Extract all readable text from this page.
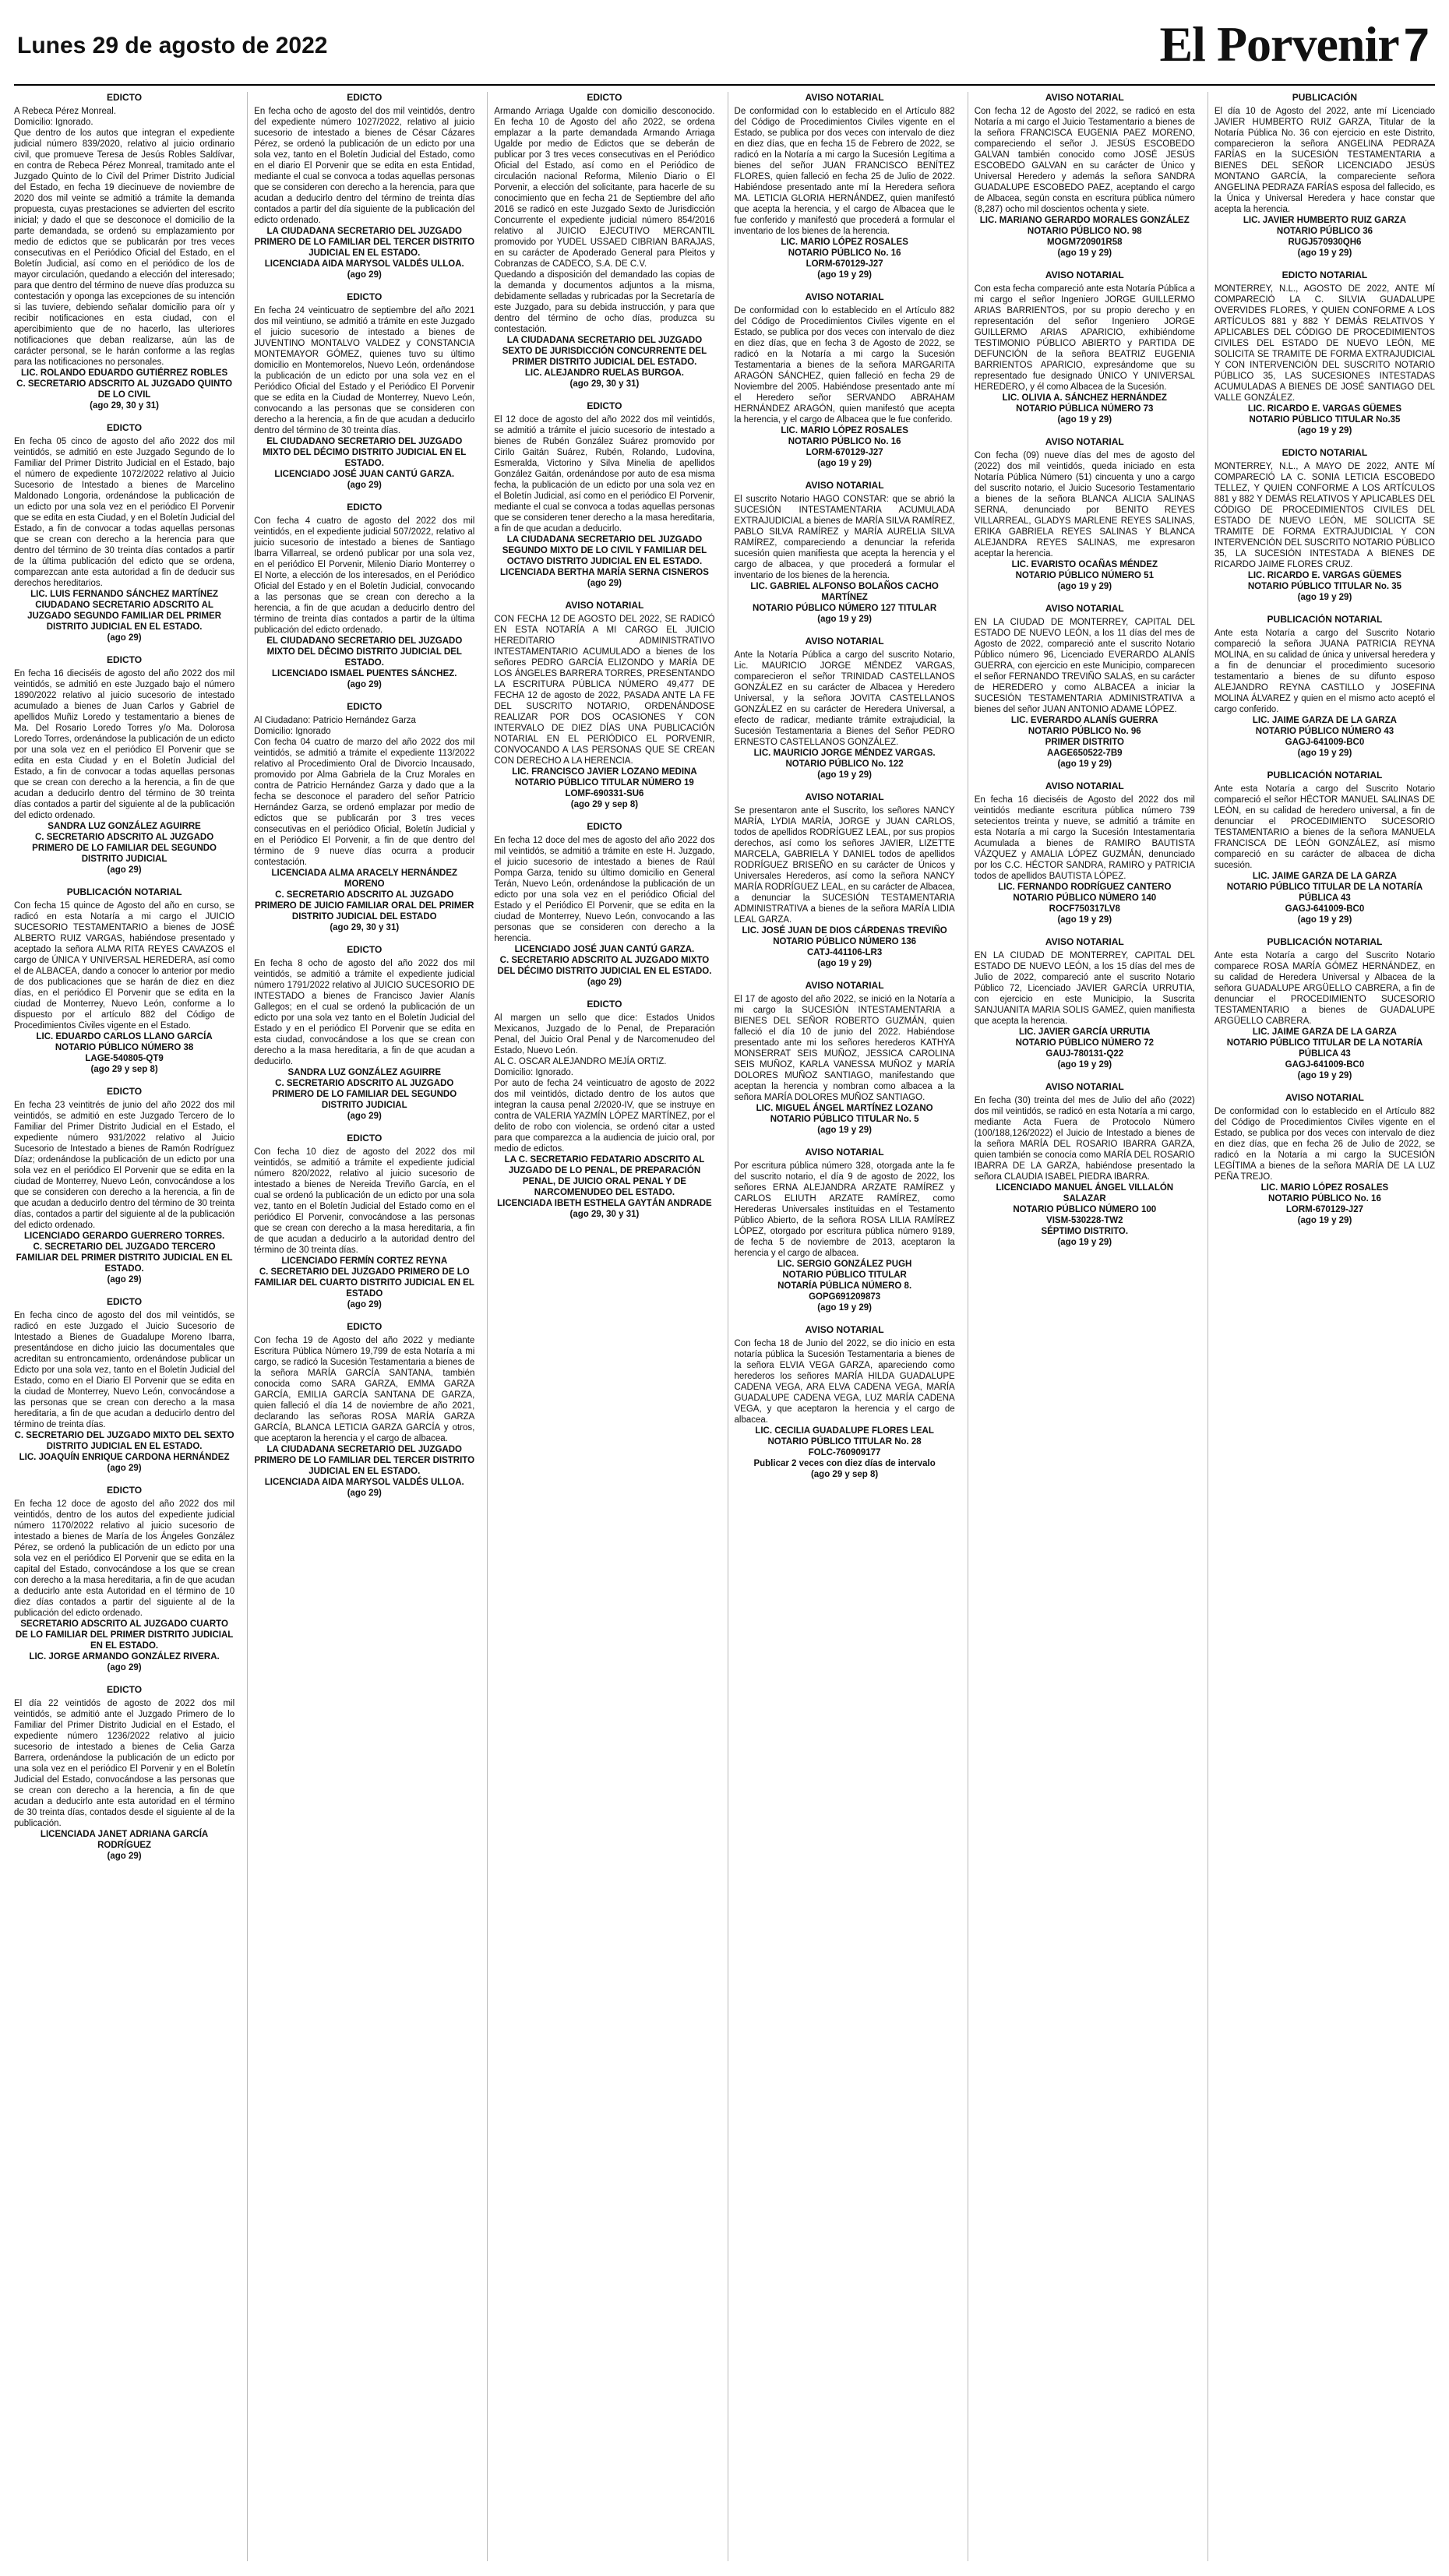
Lunes 29 de agosto de 2022	El Porvenir 7
EDICTO

A Rebeca Pérez Monreal.

Domicilio: Ignorado.

Que dentro de los autos que integran el expediente judicial número 839/2020, relativo al juicio ordinario civil, que promueve Teresa de Jesús Robles Saldívar, en contra de Rebeca Pérez Monreal, tramitado ante el Juzgado Quinto de lo Civil del Primer Distrito Judicial del Estado, en fecha 19 diecinueve de noviembre de 2020 dos mil veinte se admitió a trámite la demanda propuesta, cuyas prestaciones se advierten del escrito inicial; y dado el que se desconoce el domicilio de la parte demandada, se ordenó su emplazamiento por medio de edictos que se publicarán por tres veces consecutivas en el Periódico Oficial del Estado, en el Boletín Judicial, así como en el periódico de los de mayor circulación, quedando a elección del interesado; para que dentro del término de nueve días produzca su contestación y oponga las excepciones de su intención si las tuviere, debiendo señalar domicilio para oír y recibir notificaciones en esta ciudad, con el apercibimiento que de no hacerlo, las ulteriores notificaciones que deban realizarse, aún las de carácter personal, se le harán conforme a las reglas para las notificaciones no personales.

LIC. ROLANDO EDUARDO GUTIÉRREZ ROBLES

C. SECRETARIO ADSCRITO AL JUZGADO QUINTO DE LO CIVIL

(ago 29, 30 y 31)

EDICTO

En fecha 05 cinco de agosto del año 2022 dos mil veintidós, se admitió en este Juzgado Segundo de lo Familiar del Primer Distrito Judicial en el Estado, bajo el número de expediente 1072/2022 relativo al Juicio Sucesorio de Intestado a bienes de Marcelino Maldonado Longoria, ordenándose la publicación de un edicto por una sola vez en el periódico El Porvenir que se edita en esta Ciudad, y en el Boletín Judicial del Estado, a fin de convocar a todas aquellas personas que se crean con derecho a la herencia para que dentro del término de 30 treinta días contados a partir de la última publicación del edicto que se ordena, comparezcan ante esta autoridad a fin de deducir sus derechos hereditarios.

LIC. LUIS FERNANDO SÁNCHEZ MARTÍNEZ

CIUDADANO SECRETARIO ADSCRITO AL JUZGADO SEGUNDO FAMILIAR DEL PRIMER DISTRITO JUDICIAL EN EL ESTADO.

(ago 29)

EDICTO

En fecha 16 dieciséis de agosto del año 2022 dos mil veintidós, se admitió en este Juzgado bajo el número 1890/2022 relativo al juicio sucesorio de intestado acumulado a bienes de Juan Carlos y Gabriel de apellidos Muñiz Loredo y testamentario a bienes de Ma. Del Rosario Loredo Torres y/o Ma. Dolorosa Loredo Torres, ordenándose la publicación de un edicto por una sola vez en el periódico El Porvenir que se edita en esta Ciudad y en el Boletín Judicial del Estado, a fin de convocar a todas aquellas personas que se crean con derecho a la herencia, a fin de que acudan a deducirlo dentro del término de 30 treinta días contados a partir del siguiente al de la publicación del edicto ordenado.

SANDRA LUZ GONZÁLEZ AGUIRRE

C. SECRETARIO ADSCRITO AL JUZGADO PRIMERO DE LO FAMILIAR DEL SEGUNDO DISTRITO JUDICIAL

(ago 29)

PUBLICACIÓN NOTARIAL

Con fecha 15 quince de Agosto del año en curso, se radicó en esta Notaría a mi cargo el JUICIO SUCESORIO TESTAMENTARIO a bienes de JOSÉ ALBERTO RUIZ VARGAS, habiéndose presentado y aceptado la señora ALMA RITA REYES CAVAZOS el cargo de ÚNICA Y UNIVERSAL HEREDERA, así como el de ALBACEA, dando a conocer lo anterior por medio de dos publicaciones que se harán de diez en diez días, en el periódico El Porvenir que se edita en la ciudad de Monterrey, Nuevo León, conforme a lo dispuesto por el artículo 882 del Código de Procedimientos Civiles vigente en el Estado.

LIC. EDUARDO CARLOS LLANO GARCÍA

NOTARIO PÚBLICO NÚMERO 38

LAGE-540805-QT9

(ago 29 y sep 8)

EDICTO

En fecha 23 veintitrés de junio del año 2022 dos mil veintidós, se admitió en este Juzgado Tercero de lo Familiar del Primer Distrito Judicial en el Estado, el expediente número 931/2022 relativo al Juicio Sucesorio de Intestado a bienes de Ramón Rodríguez Díaz; ordenándose la publicación de un edicto por una sola vez en el periódico El Porvenir que se edita en la ciudad de Monterrey, Nuevo León, convocándose a los que se consideren con derecho a la herencia, a fin de que acudan a deducirlo dentro del término de 30 treinta días, contados a partir del siguiente al de la publicación del edicto ordenado.

LICENCIADO GERARDO GUERRERO TORRES.

C. SECRETARIO DEL JUZGADO TERCERO FAMILIAR DEL PRIMER DISTRITO JUDICIAL EN EL ESTADO.

(ago 29)

EDICTO

En fecha cinco de agosto del dos mil veintidós, se radicó en este Juzgado el Juicio Sucesorio de Intestado a Bienes de Guadalupe Moreno Ibarra, presentándose en dicho juicio las documentales que acreditan su entroncamiento, ordenándose publicar un Edicto por una sola vez, tanto en el Boletín Judicial del Estado, como en el Diario El Porvenir que se edita en la ciudad de Monterrey, Nuevo León, convocándose a las personas que se crean con derecho a la masa hereditaria, a fin de que acudan a deducirlo dentro del término de treinta días.

C. SECRETARIO DEL JUZGADO MIXTO DEL SEXTO DISTRITO JUDICIAL EN EL ESTADO.

LIC. JOAQUÍN ENRIQUE CARDONA HERNÁNDEZ

(ago 29)

EDICTO

En fecha 12 doce de agosto del año 2022 dos mil veintidós, dentro de los autos del expediente judicial número 1170/2022 relativo al juicio sucesorio de intestado a bienes de María de los Ángeles González Pérez, se ordenó la publicación de un edicto por una sola vez en el periódico El Porvenir que se edita en la capital del Estado, convocándose a los que se crean con derecho a la masa hereditaria, a fin de que acudan a deducirlo ante esta Autoridad en el término de 10 diez días contados a partir del siguiente al de la publicación del edicto ordenado.

SECRETARIO ADSCRITO AL JUZGADO CUARTO DE LO FAMILIAR DEL PRIMER DISTRITO JUDICIAL EN EL ESTADO.

LIC. JORGE ARMANDO GONZÁLEZ RIVERA.

(ago 29)

EDICTO

El día 22 veintidós de agosto de 2022 dos mil veintidós, se admitió ante el Juzgado Primero de lo Familiar del Primer Distrito Judicial en el Estado, el expediente número 1236/2022 relativo al juicio sucesorio de intestado a bienes de Celia Garza Barrera, ordenándose la publicación de un edicto por una sola vez en el periódico El Porvenir y en el Boletín Judicial del Estado, convocándose a las personas que se crean con derecho a la herencia, a fin de que acudan a deducirlo ante esta autoridad en el término de 30 treinta días, contados desde el siguiente al de la publicación.

LICENCIADA JANET ADRIANA GARCÍA RODRÍGUEZ

(ago 29)

EDICTO

En fecha ocho de agosto del dos mil veintidós, dentro del expediente número 1027/2022, relativo al juicio sucesorio de intestado a bienes de César Cázares Pérez, se ordenó la publicación de un edicto por una sola vez, tanto en el Boletín Judicial del Estado, como en el diario El Porvenir que se edita en esta Entidad, mediante el cual se convoca a todas aquellas personas que se consideren con derecho a la herencia, para que acudan a deducirlo dentro del término de treinta días contados a partir del día siguiente de la publicación del edicto ordenado.

LA CIUDADANA SECRETARIO DEL JUZGADO PRIMERO DE LO FAMILIAR DEL TERCER DISTRITO JUDICIAL EN EL ESTADO.

LICENCIADA AIDA MARYSOL VALDÉS ULLOA.

(ago 29)

EDICTO

En fecha 24 veinticuatro de septiembre del año 2021 dos mil veintiuno, se admitió a trámite en este Juzgado el juicio sucesorio de intestado a bienes de JUVENTINO MONTALVO VALDEZ y CONSTANCIA MONTEMAYOR GÓMEZ, quienes tuvo su último domicilio en Montemorelos, Nuevo León, ordenándose la publicación de un edicto por una sola vez en el Periódico Oficial del Estado y el Periódico El Porvenir que se edita en la Ciudad de Monterrey, Nuevo León, convocando a las personas que se consideren con derecho a la herencia, a fin de que acudan a deducirlo dentro del término de 30 treinta días.

EL CIUDADANO SECRETARIO DEL JUZGADO MIXTO DEL DÉCIMO DISTRITO JUDICIAL EN EL ESTADO.

LICENCIADO JOSÉ JUAN CANTÚ GARZA.

(ago 29)

EDICTO

Con fecha 4 cuatro de agosto del 2022 dos mil veintidós, en el expediente judicial 507/2022, relativo al juicio sucesorio de intestado a bienes de Santiago Ibarra Villarreal, se ordenó publicar por una sola vez, en el periódico El Porvenir, Milenio Diario Monterrey o El Norte, a elección de los interesados, en el Periódico Oficial del Estado y en el Boletín Judicial, convocando a las personas que se crean con derecho a la herencia, a fin de que acudan a deducirlo dentro del término de treinta días contados a partir de la última publicación del edicto ordenado.

EL CIUDADANO SECRETARIO DEL JUZGADO MIXTO DEL DÉCIMO DISTRITO JUDICIAL DEL ESTADO.

LICENCIADO ISMAEL PUENTES SÁNCHEZ.

(ago 29)

EDICTO

Al Ciudadano: Patricio Hernández Garza

Domicilio: Ignorado

Con fecha 04 cuatro de marzo del año 2022 dos mil veintidós, se admitió a trámite el expediente 113/2022 relativo al Procedimiento Oral de Divorcio Incausado, promovido por Alma Gabriela de la Cruz Morales en contra de Patricio Hernández Garza y dado que a la fecha se desconoce el paradero del señor Patricio Hernández Garza, se ordenó emplazar por medio de edictos que se publicarán por 3 tres veces consecutivas en el periódico Oficial, Boletín Judicial y en el Periódico El Porvenir, a fin de que dentro del término de 9 nueve días ocurra a producir contestación.

LICENCIADA ALMA ARACELY HERNÁNDEZ MORENO

C. SECRETARIO ADSCRITO AL JUZGADO PRIMERO DE JUICIO FAMILIAR ORAL DEL PRIMER DISTRITO JUDICIAL DEL ESTADO

(ago 29, 30 y 31)

EDICTO

En fecha 8 ocho de agosto del año 2022 dos mil veintidós, se admitió a trámite el expediente judicial número 1791/2022 relativo al JUICIO SUCESORIO DE INTESTADO a bienes de Francisco Javier Alanís Gallegos; en el cual se ordenó la publicación de un edicto por una sola vez tanto en el Boletín Judicial del Estado y en el periódico El Porvenir que se edita en esta ciudad, convocándose a los que se crean con derecho a la masa hereditaria, a fin de que acudan a deducirlo.

SANDRA LUZ GONZÁLEZ AGUIRRE

C. SECRETARIO ADSCRITO AL JUZGADO PRIMERO DE LO FAMILIAR DEL SEGUNDO DISTRITO JUDICIAL

(ago 29)

EDICTO

Con fecha 10 diez de agosto del 2022 dos mil veintidós, se admitió a trámite el expediente judicial número 820/2022, relativo al juicio sucesorio de intestado a bienes de Nereida Treviño García, en el cual se ordenó la publicación de un edicto por una sola vez, tanto en el Boletín Judicial del Estado como en el periódico El Porvenir, convocándose a las personas que se crean con derecho a la masa hereditaria, a fin de que acudan a deducirlo a la autoridad dentro del término de 30 treinta días.

LICENCIADO FERMÍN CORTEZ REYNA

C. SECRETARIO DEL JUZGADO PRIMERO DE LO FAMILIAR DEL CUARTO DISTRITO JUDICIAL EN EL ESTADO

(ago 29)

EDICTO

Con fecha 19 de Agosto del año 2022 y mediante Escritura Pública Número 19,799 de esta Notaría a mi cargo, se radicó la Sucesión Testamentaria a bienes de la señora MARÍA GARCÍA SANTANA, también conocida como SARA GARZA, EMMA GARZA GARCÍA, EMILIA GARCÍA SANTANA DE GARZA, quien falleció el día 14 de noviembre de año 2021, declarando las señoras ROSA MARÍA GARZA GARCÍA, BLANCA LETICIA GARZA GARCÍA y otros, que aceptaron la herencia y el cargo de albacea.

LA CIUDADANA SECRETARIO DEL JUZGADO PRIMERO DE LO FAMILIAR DEL TERCER DISTRITO JUDICIAL EN EL ESTADO.

LICENCIADA AIDA MARYSOL VALDÉS ULLOA.

(ago 29)

EDICTO

Armando Arriaga Ugalde con domicilio desconocido. En fecha 10 de Agosto del año 2022, se ordena emplazar a la parte demandada Armando Arriaga Ugalde por medio de Edictos que se deberán de publicar por 3 tres veces consecutivas en el Periódico Oficial del Estado, así como en el Periódico de circulación nacional Reforma, Milenio Diario o El Porvenir, a elección del solicitante, para hacerle de su conocimiento que en fecha 21 de Septiembre del año 2016 se radicó en este Juzgado Sexto de Jurisdicción Concurrente el expediente judicial número 854/2016 relativo al JUICIO EJECUTIVO MERCANTIL promovido por YUDEL USSAED CIBRIAN BARAJAS, en su carácter de Apoderado General para Pleitos y Cobranzas de CADECO, S.A. DE C.V.

Quedando a disposición del demandado las copias de la demanda y documentos adjuntos a la misma, debidamente selladas y rubricadas por la Secretaría de este Juzgado, para su debida instrucción, y para que dentro del término de ocho días, produzca su contestación.

LA CIUDADANA SECRETARIO DEL JUZGADO SEXTO DE JURISDICCIÓN CONCURRENTE DEL PRIMER DISTRITO JUDICIAL DEL ESTADO.

LIC. ALEJANDRO RUELAS BURGOA.

(ago 29, 30 y 31)

EDICTO

El 12 doce de agosto del año 2022 dos mil veintidós, se admitió a trámite el juicio sucesorio de intestado a bienes de Rubén González Suárez promovido por Cirilo Gaitán Suárez, Rubén, Rolando, Ludovina, Esmeralda, Victorino y Silva Minelia de apellidos González Gaitán, ordenándose por auto de esa misma fecha, la publicación de un edicto por una sola vez en el Boletín Judicial, así como en el periódico El Porvenir, mediante el cual se convoca a todas aquellas personas que se consideren tener derecho a la masa hereditaria, a fin de que acudan a deducirlo.

LA CIUDADANA SECRETARIO DEL JUZGADO SEGUNDO MIXTO DE LO CIVIL Y FAMILIAR DEL OCTAVO DISTRITO JUDICIAL EN EL ESTADO.

LICENCIADA BERTHA MARÍA SERNA CISNEROS

(ago 29)

AVISO NOTARIAL

CON FECHA 12 DE AGOSTO DEL 2022, SE RADICÓ EN ESTA NOTARÍA A MI CARGO EL JUICIO HEREDITARIO ADMINISTRATIVO INTESTAMENTARIO ACUMULADO a bienes de los señores PEDRO GARCÍA ELIZONDO y MARÍA DE LOS ÁNGELES BARRERA TORRES, PRESENTANDO LA ESCRITURA PÚBLICA NÚMERO 49,477 DE FECHA 12 de agosto de 2022, PASADA ANTE LA FE DEL SUSCRITO NOTARIO, ORDENÁNDOSE REALIZAR POR DOS OCASIONES Y CON INTERVALO DE DIEZ DÍAS UNA PUBLICACIÓN NOTARIAL EN EL PERIÓDICO EL PORVENIR, CONVOCANDO A LAS PERSONAS QUE SE CREAN CON DERECHO A LA HERENCIA.

LIC. FRANCISCO JAVIER LOZANO MEDINA

NOTARIO PÚBLICO TITULAR NÚMERO 19

LOMF-690331-SU6

(ago 29 y sep 8)

EDICTO

En fecha 12 doce del mes de agosto del año 2022 dos mil veintidós, se admitió a trámite en este H. Juzgado, el juicio sucesorio de intestado a bienes de Raúl Pompa Garza, tenido su último domicilio en General Terán, Nuevo León, ordenándose la publicación de un edicto por una sola vez en el periódico Oficial del Estado y el Periódico El Porvenir, que se edita en la ciudad de Monterrey, Nuevo León, convocando a las personas que se consideren con derecho a la herencia.

LICENCIADO JOSÉ JUAN CANTÚ GARZA.

C. SECRETARIO ADSCRITO AL JUZGADO MIXTO DEL DÉCIMO DISTRITO JUDICIAL EN EL ESTADO.

(ago 29)

EDICTO

Al margen un sello que dice: Estados Unidos Mexicanos, Juzgado de lo Penal, de Preparación Penal, del Juicio Oral Penal y de Narcomenudeo del Estado, Nuevo León.

AL C. OSCAR ALEJANDRO MEJÍA ORTIZ.

Domicilio: Ignorado.

Por auto de fecha 24 veinticuatro de agosto de 2022 dos mil veintidós, dictado dentro de los autos que integran la causa penal 2/2020-IV, que se instruye en contra de VALERIA YAZMÍN LÓPEZ MARTÍNEZ, por el delito de robo con violencia, se ordenó citar a usted para que comparezca a la audiencia de juicio oral, por medio de edictos.

LA C. SECRETARIO FEDATARIO ADSCRITO AL JUZGADO DE LO PENAL, DE PREPARACIÓN PENAL, DE JUICIO ORAL PENAL Y DE NARCOMENUDEO DEL ESTADO.

LICENCIADA IBETH ESTHELA GAYTÁN ANDRADE

(ago 29, 30 y 31)

AVISO NOTARIAL

De conformidad con lo establecido en el Artículo 882 del Código de Procedimientos Civiles vigente en el Estado, se publica por dos veces con intervalo de diez en diez días, que en fecha 15 de Febrero de 2022, se radicó en la Notaría a mi cargo la Sucesión Legítima a bienes del señor JUAN FRANCISCO BENÍTEZ FLORES, quien falleció en fecha 25 de Julio de 2022. Habiéndose presentado ante mí la Heredera señora MA. LETICIA GLORIA HERNÁNDEZ, quien manifestó que acepta la herencia, y el cargo de Albacea que le fue conferido y manifestó que procederá a formular el inventario de los bienes de la herencia.

LIC. MARIO LÓPEZ ROSALES

NOTARIO PÚBLICO No. 16

LORM-670129-J27

(ago 19 y 29)

AVISO NOTARIAL

De conformidad con lo establecido en el Artículo 882 del Código de Procedimientos Civiles vigente en el Estado, se publica por dos veces con intervalo de diez en diez días, que en fecha 3 de Agosto de 2022, se radicó en la Notaría a mi cargo la Sucesión Testamentaria a bienes de la señora MARGARITA ARAGÓN SÁNCHEZ, quien falleció en fecha 29 de Noviembre del 2005. Habiéndose presentado ante mí el Heredero señor SERVANDO ABRAHAM HERNÁNDEZ ARAGÓN, quien manifestó que acepta la herencia, y el cargo de Albacea que le fue conferido.

LIC. MARIO LÓPEZ ROSALES

NOTARIO PÚBLICO No. 16

LORM-670129-J27

(ago 19 y 29)

AVISO NOTARIAL

El suscrito Notario HAGO CONSTAR: que se abrió la SUCESIÓN INTESTAMENTARIA ACUMULADA EXTRAJUDICIAL a bienes de MARÍA SILVA RAMÍREZ, PABLO SILVA RAMÍREZ y MARÍA AURELIA SILVA RAMÍREZ, compareciendo a denunciar la referida sucesión quien manifiesta que acepta la herencia y el cargo de albacea, y que procederá a formular el inventario de los bienes de la herencia.

LIC. GABRIEL ALFONSO BOLAÑOS CACHO MARTÍNEZ

NOTARIO PÚBLICO NÚMERO 127 TITULAR

(ago 19 y 29)

AVISO NOTARIAL

Ante la Notaría Pública a cargo del suscrito Notario, Lic. MAURICIO JORGE MÉNDEZ VARGAS, comparecieron el señor TRINIDAD CASTELLANOS GONZÁLEZ en su carácter de Albacea y Heredero Universal, y la señora JOVITA CASTELLANOS GONZÁLEZ en su carácter de Heredera Universal, a efecto de radicar, mediante trámite extrajudicial, la Sucesión Testamentaria a Bienes del Señor PEDRO ERNESTO CASTELLANOS GONZÁLEZ.

LIC. MAURICIO JORGE MÉNDEZ VARGAS.

NOTARIO PÚBLICO No. 122

(ago 19 y 29)

AVISO NOTARIAL

Se presentaron ante el Suscrito, los señores NANCY MARÍA, LYDIA MARÍA, JORGE y JUAN CARLOS, todos de apellidos RODRÍGUEZ LEAL, por sus propios derechos, así como los señores JAVIER, LIZETTE MARCELA, GABRIELA Y DANIEL todos de apellidos RODRÍGUEZ BRISEÑO en su carácter de Únicos y Universales Herederos, así como la señora NANCY MARÍA RODRÍGUEZ LEAL, en su carácter de Albacea, a denunciar la SUCESIÓN TESTAMENTARIA ADMINISTRATIVA a bienes de la señora MARÍA LIDIA LEAL GARZA.

LIC. JOSÉ JUAN DE DIOS CÁRDENAS TREVIÑO

NOTARIO PÚBLICO NÚMERO 136

CATJ-441106-LR3

(ago 19 y 29)

AVISO NOTARIAL

El 17 de agosto del año 2022, se inició en la Notaría a mi cargo la SUCESIÓN INTESTAMENTARIA a BIENES DEL SEÑOR ROBERTO GUZMÁN, quien falleció el día 10 de junio del 2022. Habiéndose presentado ante mi los señores herederos KATHYA MONSERRAT SEIS MUÑOZ, JESSICA CAROLINA SEIS MUÑOZ, KARLA VANESSA MUÑOZ y MARÍA DOLORES MUÑOZ SANTIAGO, manifestando que aceptan la herencia y nombran como albacea a la señora MARÍA DOLORES MUÑOZ SANTIAGO.

LIC. MIGUEL ÁNGEL MARTÍNEZ LOZANO

NOTARIO PÚBLICO TITULAR No. 5

(ago 19 y 29)

AVISO NOTARIAL

Por escritura pública número 328, otorgada ante la fe del suscrito notario, el día 9 de agosto de 2022, los señores ERNA ALEJANDRA ARZATE RAMÍREZ y CARLOS ELIUTH ARZATE RAMÍREZ, como Herederas Universales instituidas en el Testamento Público Abierto, de la señora ROSA LILIA RAMÍREZ LÓPEZ, otorgado por escritura pública número 9189, de fecha 5 de noviembre de 2013, aceptaron la herencia y el cargo de albacea.

LIC. SERGIO GONZÁLEZ PUGH

NOTARIO PÚBLICO TITULAR

NOTARÍA PÚBLICA NÚMERO 8.

GOPG691209873

(ago 19 y 29)

AVISO NOTARIAL

Con fecha 18 de Junio del 2022, se dio inicio en esta notaría pública la Sucesión Testamentaria a bienes de la señora ELVIA VEGA GARZA, apareciendo como herederos los señores MARÍA HILDA GUADALUPE CADENA VEGA, ARA ELVA CADENA VEGA, MARÍA GUADALUPE CADENA VEGA, LUZ MARÍA CADENA VEGA, y que aceptaron la herencia y el cargo de albacea.

LIC. CECILIA GUADALUPE FLORES LEAL

NOTARIO PÚBLICO TITULAR No. 28

FOLC-760909177

Publicar 2 veces con diez días de intervalo

(ago 29 y sep 8)

AVISO NOTARIAL

Con fecha 12 de Agosto del 2022, se radicó en esta Notaría a mi cargo el Juicio Testamentario a bienes de la señora FRANCISCA EUGENIA PAEZ MORENO, compareciendo el señor J. JESÚS ESCOBEDO GALVAN también conocido como JOSÉ JESÚS ESCOBEDO GALVAN en su carácter de Único y Universal Heredero y además la señora SANDRA GUADALUPE ESCOBEDO PAEZ, aceptando el cargo de Albacea, según consta en escritura pública número (8,287) ocho mil doscientos ochenta y siete.

LIC. MARIANO GERARDO MORALES GONZÁLEZ

NOTARIO PÚBLICO NO. 98

MOGM720901R58

(ago 19 y 29)

AVISO NOTARIAL

Con esta fecha compareció ante esta Notaría Pública a mi cargo el señor Ingeniero JORGE GUILLERMO ARIAS BARRIENTOS, por su propio derecho y en representación del señor Ingeniero JORGE GUILLERMO ARIAS APARICIO, exhibiéndome TESTIMONIO PÚBLICO ABIERTO y PARTIDA DE DEFUNCIÓN de la señora BEATRIZ EUGENIA BARRIENTOS APARICIO, expresándome que su representado fue designado ÚNICO Y UNIVERSAL HEREDERO, y él como Albacea de la Sucesión.

LIC. OLIVIA A. SÁNCHEZ HERNÁNDEZ

NOTARIO PÚBLICA NÚMERO 73

(ago 19 y 29)

AVISO NOTARIAL

Con fecha (09) nueve días del mes de agosto del (2022) dos mil veintidós, queda iniciado en esta Notaría Pública Número (51) cincuenta y uno a cargo del suscrito notario, el Juicio Sucesorio Testamentario a bienes de la señora BLANCA ALICIA SALINAS SERNA, denunciado por BENITO REYES VILLARREAL, GLADYS MARLENE REYES SALINAS, ERIKA GABRIELA REYES SALINAS Y BLANCA ALEJANDRA REYES SALINAS, me expresaron aceptar la herencia.

LIC. EVARISTO OCAÑAS MÉNDEZ

NOTARIO PÚBLICO NÚMERO 51

(ago 19 y 29)

AVISO NOTARIAL

EN LA CIUDAD DE MONTERREY, CAPITAL DEL ESTADO DE NUEVO LEÓN, a los 11 días del mes de Agosto de 2022, compareció ante el suscrito Notario Público número 96, Licenciado EVERARDO ALANÍS GUERRA, con ejercicio en este Municipio, comparecen el señor FERNANDO TREVIÑO SALAS, en su carácter de HEREDERO y como ALBACEA a iniciar la SUCESIÓN TESTAMENTARIA ADMINISTRATIVA a bienes del señor JUAN ANTONIO ADAME LÓPEZ.

LIC. EVERARDO ALANÍS GUERRA

NOTARIO PÚBLICO No. 96

PRIMER DISTRITO

AAGE650522-7B9

(ago 19 y 29)

AVISO NOTARIAL

En fecha 16 dieciséis de Agosto del 2022 dos mil veintidós mediante escritura pública número 739 setecientos treinta y nueve, se admitió a trámite en esta Notaría a mi cargo la Sucesión Intestamentaria Acumulada a bienes de RAMIRO BAUTISTA VÁZQUEZ y AMALIA LÓPEZ GUZMÁN, denunciado por los C.C. HÉCTOR SANDRA, RAMIRO y PATRICIA todos de apellidos BAUTISTA LÓPEZ.

LIC. FERNANDO RODRÍGUEZ CANTERO

NOTARIO PÚBLICO NÚMERO 140

ROCF750317LV8

(ago 19 y 29)

AVISO NOTARIAL

EN LA CIUDAD DE MONTERREY, CAPITAL DEL ESTADO DE NUEVO LEÓN, a los 15 días del mes de Julio de 2022, compareció ante el suscrito Notario Público 72, Licenciado JAVIER GARCÍA URRUTIA, con ejercicio en este Municipio, la Suscrita SANJUANITA MARIA SOLIS GAMEZ, quien manifiesta que acepta la herencia.

LIC. JAVIER GARCÍA URRUTIA

NOTARIO PÚBLICO NÚMERO 72

GAUJ-780131-Q22

(ago 19 y 29)

AVISO NOTARIAL

En fecha (30) treinta del mes de Julio del año (2022) dos mil veintidós, se radicó en esta Notaría a mi cargo, mediante Acta Fuera de Protocolo Número (100/188,126/2022) el Juicio de Intestado a bienes de la señora MARÍA DEL ROSARIO IBARRA GARZA, quien también se conocía como MARÍA DEL ROSARIO IBARRA DE LA GARZA, habiéndose presentado la señora CLAUDIA ISABEL PIEDRA IBARRA.

LICENCIADO MANUEL ÁNGEL VILLALÓN SALAZAR

NOTARIO PÚBLICO NÚMERO 100

VISM-530228-TW2

SÉPTIMO DISTRITO.

(ago 19 y 29)

PUBLICACIÓN

El día 10 de Agosto del 2022, ante mí Licenciado JAVIER HUMBERTO RUIZ GARZA, Titular de la Notaría Pública No. 36 con ejercicio en este Distrito, comparecieron la señora ANGELINA PEDRAZA FARÍAS en la SUCESIÓN TESTAMENTARIA a BIENES DEL SEÑOR LICENCIADO JESÚS MONTANO GARCÍA, la compareciente señora ANGELINA PEDRAZA FARÍAS esposa del fallecido, es la Única y Universal Heredera y hace constar que acepta la herencia.

LIC. JAVIER HUMBERTO RUIZ GARZA

NOTARIO PÚBLICO 36

RUGJ570930QH6

(ago 19 y 29)

EDICTO NOTARIAL

MONTERREY, N.L., AGOSTO DE 2022, ANTE MÍ COMPARECIÓ LA C. SILVIA GUADALUPE OVERVIDES FLORES, Y QUIEN CONFORME A LOS ARTÍCULOS 881 y 882 Y DEMÁS RELATIVOS Y APLICABLES DEL CÓDIGO DE PROCEDIMIENTOS CIVILES DEL ESTADO DE NUEVO LEÓN, ME SOLICITA SE TRAMITE DE FORMA EXTRAJUDICIAL Y CON INTERVENCIÓN DEL SUSCRITO NOTARIO PÚBLICO 35, LAS SUCESIONES INTESTADAS ACUMULADAS A BIENES DE JOSÉ SANTIAGO DEL VALLE GONZÁLEZ.

LIC. RICARDO E. VARGAS GÜEMES

NOTARIO PÚBLICO TITULAR No.35

(ago 19 y 29)

EDICTO NOTARIAL

MONTERREY, N.L., A MAYO DE 2022, ANTE MÍ COMPARECIÓ LA C. SONIA LETICIA ESCOBEDO TELLEZ, Y QUIEN CONFORME A LOS ARTÍCULOS 881 y 882 Y DEMÁS RELATIVOS Y APLICABLES DEL CÓDIGO DE PROCEDIMIENTOS CIVILES DEL ESTADO DE NUEVO LEÓN, ME SOLICITA SE TRAMITE DE FORMA EXTRAJUDICIAL Y CON INTERVENCIÓN DEL SUSCRITO NOTARIO PÚBLICO 35, LA SUCESIÓN INTESTADA A BIENES DE RICARDO JAIME FLORES CRUZ.

LIC. RICARDO E. VARGAS GÜEMES

NOTARIO PÚBLICO TITULAR No. 35

(ago 19 y 29)

PUBLICACIÓN NOTARIAL

Ante esta Notaría a cargo del Suscrito Notario compareció la señora JUANA PATRICIA REYNA MOLINA, en su calidad de única y universal heredera y a fin de denunciar el procedimiento sucesorio testamentario a bienes de su difunto esposo ALEJANDRO REYNA CASTILLO y JOSEFINA MOLINA ÁLVAREZ y quien en el mismo acto aceptó el cargo conferido.

LIC. JAIME GARZA DE LA GARZA

NOTARIO PÚBLICO NÚMERO 43

GAGJ-641009-BC0

(ago 19 y 29)

PUBLICACIÓN NOTARIAL

Ante esta Notaría a cargo del Suscrito Notario compareció el señor HÉCTOR MANUEL SALINAS DE LEÓN, en su calidad de heredero universal, a fin de denunciar el PROCEDIMIENTO SUCESORIO TESTAMENTARIO a bienes de la señora MANUELA FRANCISCA DE LEÓN GONZÁLEZ, así mismo compareció en su carácter de albacea de dicha sucesión.

LIC. JAIME GARZA DE LA GARZA

NOTARIO PÚBLICO TITULAR DE LA NOTARÍA PÚBLICA 43

GAGJ-641009-BC0

(ago 19 y 29)

PUBLICACIÓN NOTARIAL

Ante esta Notaría a cargo del Suscrito Notario comparece ROSA MARÍA GÓMEZ HERNÁNDEZ, en su calidad de Heredera Universal y Albacea de la señora GUADALUPE ARGÜELLO CABRERA, a fin de denunciar el PROCEDIMIENTO SUCESORIO TESTAMENTARIO a bienes de GUADALUPE ARGÜELLO CABRERA.

LIC. JAIME GARZA DE LA GARZA

NOTARIO PÚBLICO TITULAR DE LA NOTARÍA PÚBLICA 43

GAGJ-641009-BC0

(ago 19 y 29)

AVISO NOTARIAL

De conformidad con lo establecido en el Artículo 882 del Código de Procedimientos Civiles vigente en el Estado, se publica por dos veces con intervalo de diez en diez días, que en fecha 26 de Julio de 2022, se radicó en la Notaría a mi cargo la SUCESIÓN LEGÍTIMA a bienes de la señora MARÍA DE LA LUZ PEÑA TREJO.

LIC. MARIO LÓPEZ ROSALES

NOTARIO PÚBLICO No. 16

LORM-670129-J27

(ago 19 y 29)
